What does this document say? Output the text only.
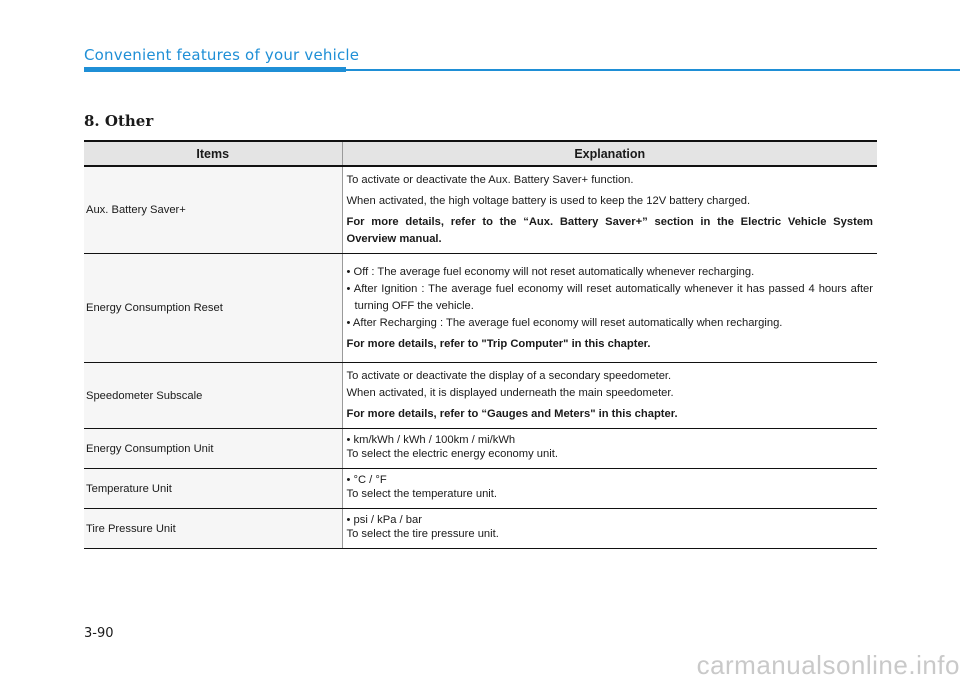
Convenient features of your vehicle
8. Other
Items	Explanation
Aux. Battery Saver+	To activate or deactivate the Aux. Battery Saver+ function.

When activated, the high voltage battery is used to keep the 12V battery charged.

For more details, refer to the “Aux. Battery Saver+” section in the Electric Vehicle System Overview manual.

Energy Consumption Reset	• Off : The average fuel economy will not reset automatically whenever recharging.

• After Ignition : The average fuel economy will reset automatically whenever it has passed 4 hours after turning OFF the vehicle.

• After Recharging : The average fuel economy will reset automatically when recharging.

For more details, refer to "Trip Computer" in this chapter.

Speedometer Subscale	To activate or deactivate the display of a secondary speedometer.

When activated, it is displayed underneath the main speedometer.

For more details, refer to “Gauges and Meters" in this chapter.

Energy Consumption Unit	• km/kWh / kWh / 100km / mi/kWh

To select the electric energy economy unit.

Temperature Unit	• °C / °F

To select the temperature unit.

Tire Pressure Unit	• psi / kPa / bar

To select the tire pressure unit.

3-90
carmanualsonline.info
